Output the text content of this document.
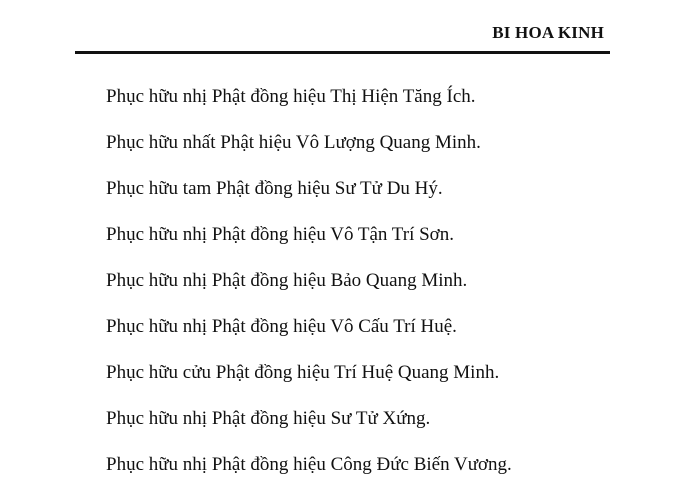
BI HOA KINH
Phục hữu nhị Phật đồng hiệu Thị Hiện Tăng Ích.
Phục hữu nhất Phật hiệu Vô Lượng Quang Minh.
Phục hữu tam Phật đồng hiệu Sư Tử Du Hý.
Phục hữu nhị Phật đồng hiệu Vô Tận Trí Sơn.
Phục hữu nhị Phật đồng hiệu Bảo Quang Minh.
Phục hữu nhị Phật đồng hiệu Vô Cấu Trí Huệ.
Phục hữu cửu Phật đồng hiệu Trí Huệ Quang Minh.
Phục hữu nhị Phật đồng hiệu Sư Tử Xứng.
Phục hữu nhị Phật đồng hiệu Công Đức Biến Vương.
